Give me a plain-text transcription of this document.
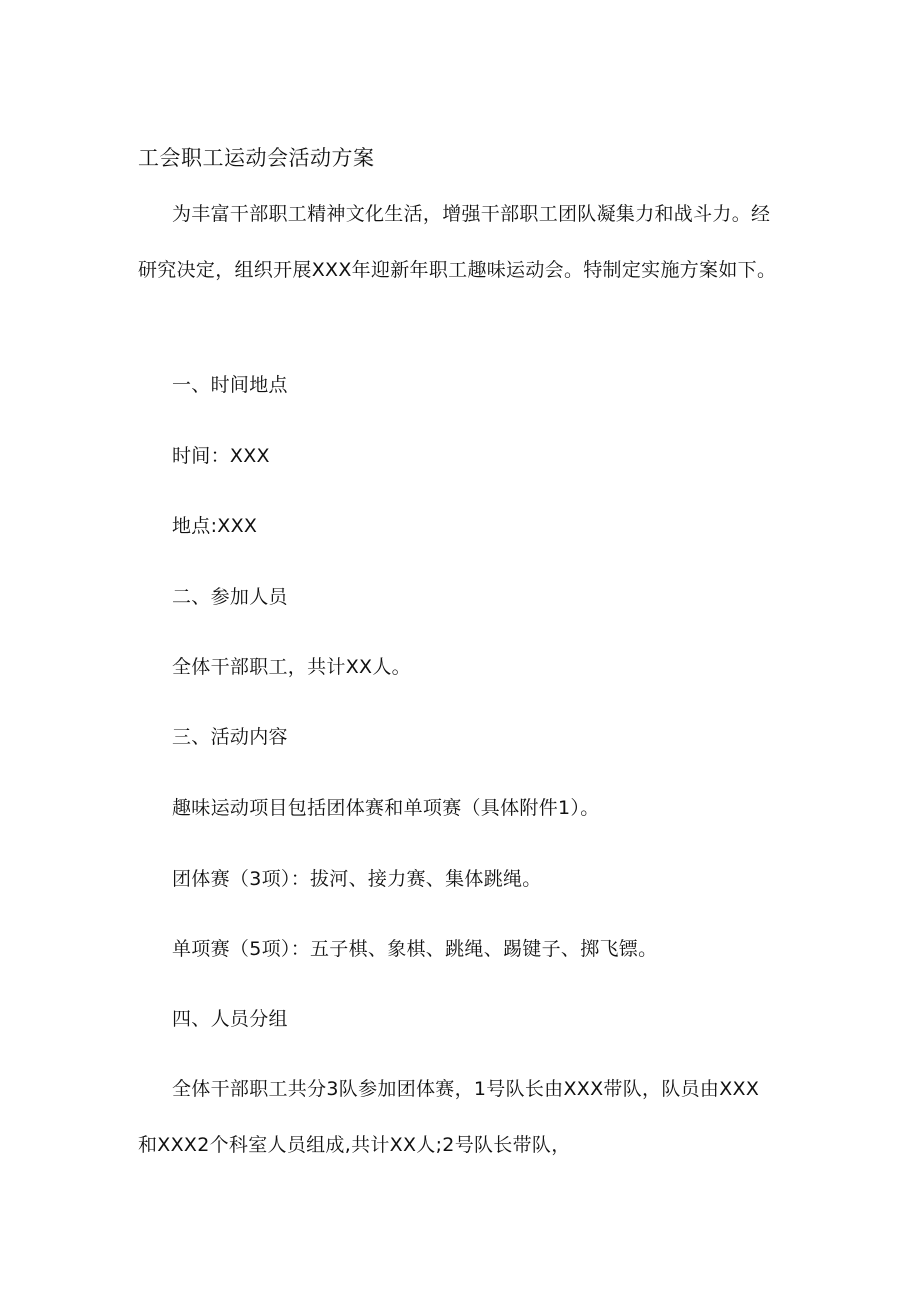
工会职工运动会活动方案
为丰富干部职工精神文化生活，增强干部职工团队凝集力和战斗力。经研究决定，组织开展XXX年迎新年职工趣味运动会。特制定实施方案如下。
一、时间地点
时间：XXX
地点:XXX
二、参加人员
全体干部职工，共计XX人。
三、活动内容
趣味运动项目包括团体赛和单项赛（具体附件1）。
团体赛（3项）：拔河、接力赛、集体跳绳。
单项赛（5项）：五子棋、象棋、跳绳、踢键子、掷飞镖。
四、人员分组
全体干部职工共分3队参加团体赛，1号队长由XXX带队，队员由XXX和XXX2个科室人员组成,共计XX人;2号队长带队，
